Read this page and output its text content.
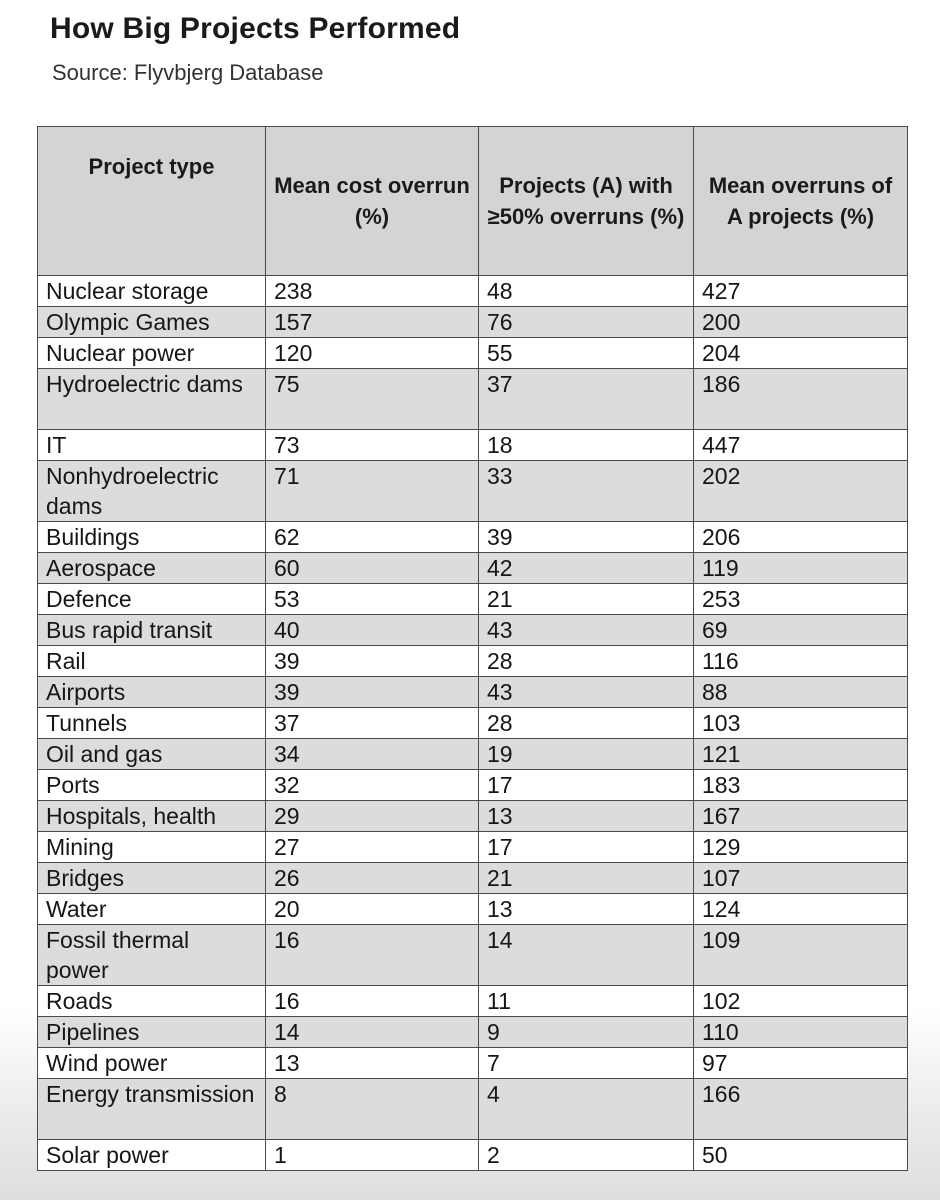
How Big Projects Performed
Source: Flyvbjerg Database
Project type	Mean cost overrun (%)	Projects (A) with ≥50% overruns (%)	Mean overruns of A projects (%)
Nuclear storage	238	48	427
Olympic Games	157	76	200
Nuclear power	120	55	204
Hydroelectric dams	75	37	186
IT	73	18	447
Nonhydroelectric dams	71	33	202
Buildings	62	39	206
Aerospace	60	42	119
Defence	53	21	253
Bus rapid transit	40	43	69
Rail	39	28	116
Airports	39	43	88
Tunnels	37	28	103
Oil and gas	34	19	121
Ports	32	17	183
Hospitals, health	29	13	167
Mining	27	17	129
Bridges	26	21	107
Water	20	13	124
Fossil thermal power	16	14	109
Roads	16	11	102
Pipelines	14	9	110
Wind power	13	7	97
Energy transmission	8	4	166
Solar power	1	2	50
